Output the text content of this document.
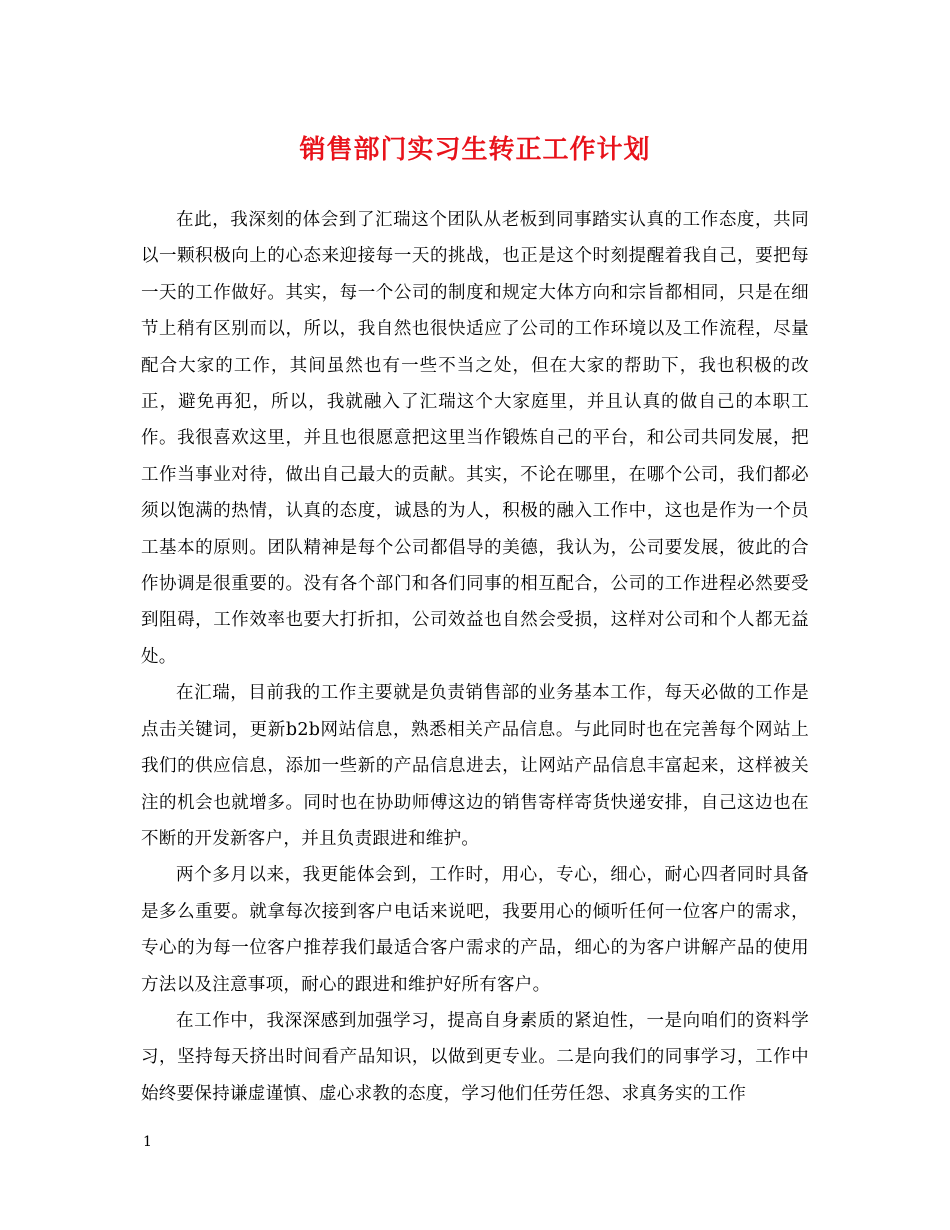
销售部门实习生转正工作计划

在此，我深刻的体会到了汇瑞这个团队从老板到同事踏实认真的工作态度，共同以一颗积极向上的心态来迎接每一天的挑战，也正是这个时刻提醒着我自己，要把每一天的工作做好。其实，每一个公司的制度和规定大体方向和宗旨都相同，只是在细节上稍有区别而以，所以，我自然也很快适应了公司的工作环境以及工作流程，尽量配合大家的工作，其间虽然也有一些不当之处，但在大家的帮助下，我也积极的改正，避免再犯，所以，我就融入了汇瑞这个大家庭里，并且认真的做自己的本职工作。我很喜欢这里，并且也很愿意把这里当作锻炼自己的平台，和公司共同发展，把工作当事业对待，做出自己最大的贡献。其实，不论在哪里，在哪个公司，我们都必须以饱满的热情，认真的态度，诚恳的为人，积极的融入工作中，这也是作为一个员工基本的原则。团队精神是每个公司都倡导的美德，我认为，公司要发展，彼此的合作协调是很重要的。没有各个部门和各们同事的相互配合，公司的工作进程必然要受到阻碍，工作效率也要大打折扣，公司效益也自然会受损，这样对公司和个人都无益处。

在汇瑞，目前我的工作主要就是负责销售部的业务基本工作，每天必做的工作是点击关键词，更新b2b网站信息，熟悉相关产品信息。与此同时也在完善每个网站上我们的供应信息，添加一些新的产品信息进去，让网站产品信息丰富起来，这样被关注的机会也就增多。同时也在协助师傅这边的销售寄样寄货快递安排，自己这边也在不断的开发新客户，并且负责跟进和维护。

两个多月以来，我更能体会到，工作时，用心，专心，细心，耐心四者同时具备是多么重要。就拿每次接到客户电话来说吧，我要用心的倾听任何一位客户的需求，专心的为每一位客户推荐我们最适合客户需求的产品，细心的为客户讲解产品的使用方法以及注意事项，耐心的跟进和维护好所有客户。

在工作中，我深深感到加强学习，提高自身素质的紧迫性，一是向咱们的资料学习，坚持每天挤出时间看产品知识，以做到更专业。二是向我们的同事学习，工作中始终要保持谦虚谨慎、虚心求教的态度，学习他们任劳任怨、求真务实的工作

1
